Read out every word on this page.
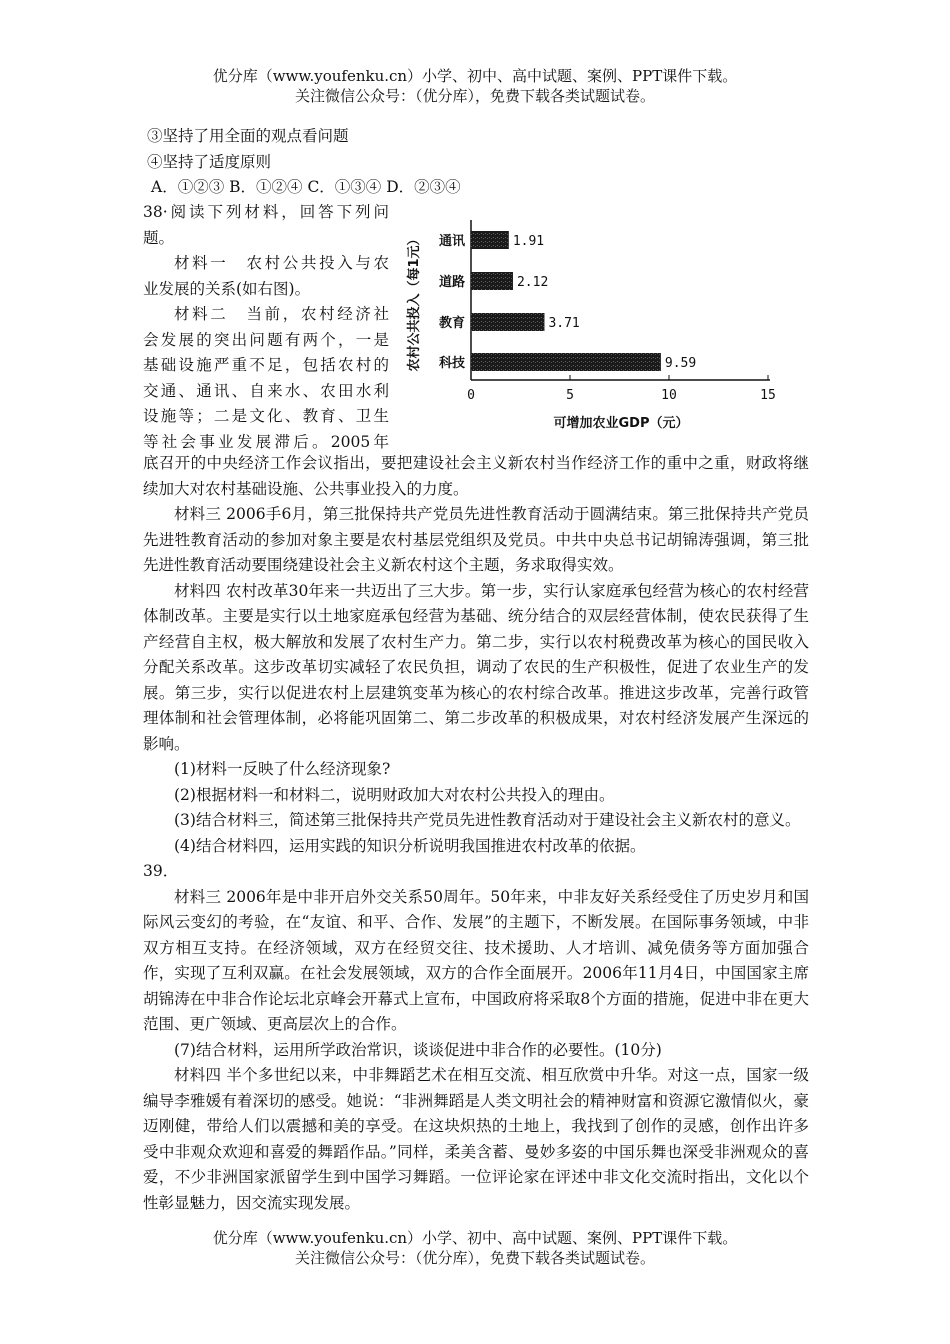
优分库（www.youfenku.cn）小学、初中、高中试题、案例、PPT课件下载。
关注微信公众号：（优分库），免费下载各类试题试卷。
③坚持了用全面的观点看问题
④坚持了适度原则
A．①②③ B．①②④ C．①③④ D．②③④
38·阅读下列材料，回答下列问
题。
材料一　农村公共投入与农
业发展的关系(如右图)。
材料二　当前，农村经济社
会发展的突出问题有两个，一是
基础设施严重不足，包括农村的
交通、通讯、自来水、农田水利
设施等；二是文化、教育、卫生
等社会事业发展滞后。2005年
农村公共投入（每1元） 通讯	1.91
道路	2.12
教育	3.71
科技	9.59
0	5	10	15
可增加农业GDP（元）
底召开的中央经济工作会议指出，要把建设社会主义新农村当作经济工作的重中之重，财政将继续加大对农村基础设施、公共事业投入的力度。
材料三 2006手6月，第三批保持共产党员先进性教育活动于圆满结束。第三批保持共产党员先进牲教育活动的参加对象主要是农村基层党组织及党员。中共中央总书记胡锦涛强调，第三批先进性教育活动要围绕建设社会主义新农村这个主题，务求取得实效。
材料四 农村改革30年来一共迈出了三大步。第一步，实行认家庭承包经营为核心的农村经营体制改革。主要是实行以土地家庭承包经营为基础、统分结合的双层经营体制，使农民获得了生产经营自主权，极大解放和发展了农村生产力。第二步，实行以农村税费改革为核心的国民收入分配关系改革。这步改革切实减轻了农民负担，调动了农民的生产积极性，促进了农业生产的发展。第三步，实行以促进农村上层建筑变革为核心的农村综合改革。推进这步改革，完善行政管理体制和社会管理体制，必将能巩固第二、第二步改革的积极成果，对农村经济发展产生深远的影响。
(1)材料一反映了什么经济现象?
(2)根据材料一和材料二，说明财政加大对农村公共投入的理由。
(3)结合材料三，简述第三批保持共产党员先进性教育活动对于建设社会主义新农村的意义。
(4)结合材料四，运用实践的知识分析说明我国推进农村改革的依据。
39．
材料三 2006年是中非开启外交关系50周年。50年来，中非友好关系经受住了历史岁月和国际风云变幻的考验，在“友谊、和平、合作、发展”的主题下，不断发展。在国际事务领域，中非双方相互支持。在经济领域，双方在经贸交往、技术援助、人才培训、减免债务等方面加强合作，实现了互利双赢。在社会发展领域，双方的合作全面展开。2006年11月4日，中国国家主席胡锦涛在中非合作论坛北京峰会开幕式上宣布，中国政府将采取8个方面的措施，促进中非在更大范围、更广领域、更高层次上的合作。
(7)结合材料，运用所学政治常识，谈谈促进中非合作的必要性。(10分)
材料四 半个多世纪以来，中非舞蹈艺术在相互交流、相互欣赏中升华。对这一点，国家一级编导李雅媛有着深切的感受。她说：“非洲舞蹈是人类文明社会的精神财富和资源它激情似火，豪迈刚健，带给人们以震撼和美的享受。在这块炽热的土地上，我找到了创作的灵感，创作出许多受中非观众欢迎和喜爱的舞蹈作品。”同样，柔美含蓄、曼妙多姿的中国乐舞也深受非洲观众的喜爱，不少非洲国家派留学生到中国学习舞蹈。一位评论家在评述中非文化交流时指出，文化以个性彰显魅力，因交流实现发展。
优分库（www.youfenku.cn）小学、初中、高中试题、案例、PPT课件下载。
关注微信公众号：（优分库），免费下载各类试题试卷。
